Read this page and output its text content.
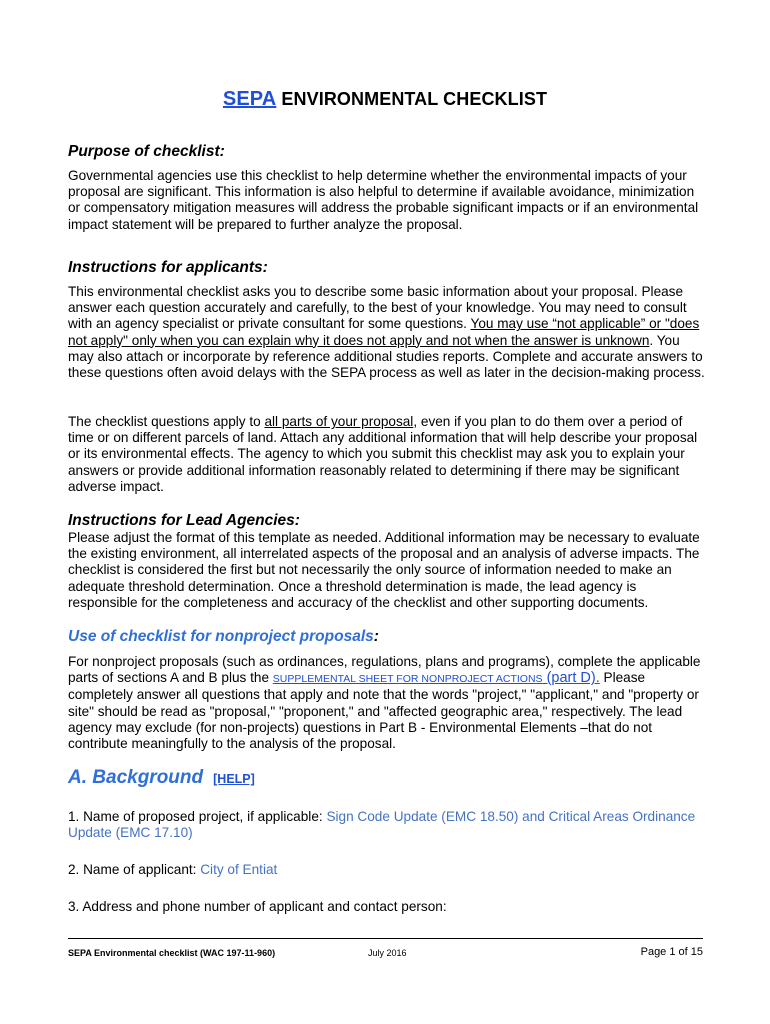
SEPA ENVIRONMENTAL CHECKLIST
Purpose of checklist:

Governmental agencies use this checklist to help determine whether the environmental impacts of your proposal are significant. This information is also helpful to determine if available avoidance, minimization or compensatory mitigation measures will address the probable significant impacts or if an environmental impact statement will be prepared to further analyze the proposal.

Instructions for applicants:

This environmental checklist asks you to describe some basic information about your proposal. Please answer each question accurately and carefully, to the best of your knowledge. You may need to consult with an agency specialist or private consultant for some questions. You may use “not applicable” or "does not apply" only when you can explain why it does not apply and not when the answer is unknown. You may also attach or incorporate by reference additional studies reports. Complete and accurate answers to these questions often avoid delays with the SEPA process as well as later in the decision-making process.

The checklist questions apply to all parts of your proposal, even if you plan to do them over a period of time or on different parcels of land. Attach any additional information that will help describe your proposal or its environmental effects. The agency to which you submit this checklist may ask you to explain your answers or provide additional information reasonably related to determining if there may be significant adverse impact.

Instructions for Lead Agencies:

Please adjust the format of this template as needed. Additional information may be necessary to evaluate the existing environment, all interrelated aspects of the proposal and an analysis of adverse impacts. The checklist is considered the first but not necessarily the only source of information needed to make an adequate threshold determination. Once a threshold determination is made, the lead agency is responsible for the completeness and accuracy of the checklist and other supporting documents.

Use of checklist for nonproject proposals:

For nonproject proposals (such as ordinances, regulations, plans and programs), complete the applicable parts of sections A and B plus the SUPPLEMENTAL SHEET FOR NONPROJECT ACTIONS (part D). Please completely answer all questions that apply and note that the words "project," "applicant," and "property or site" should be read as "proposal," "proponent," and "affected geographic area," respectively. The lead agency may exclude (for non-projects) questions in Part B - Environmental Elements –that do not contribute meaningfully to the analysis of the proposal.

A. Background [HELP]

1. Name of proposed project, if applicable: Sign Code Update (EMC 18.50) and Critical Areas Ordinance Update (EMC 17.10)

2. Name of applicant: City of Entiat

3. Address and phone number of applicant and contact person:

SEPA Environmental checklist (WAC 197-11-960)	July 2016	Page 1 of 15
